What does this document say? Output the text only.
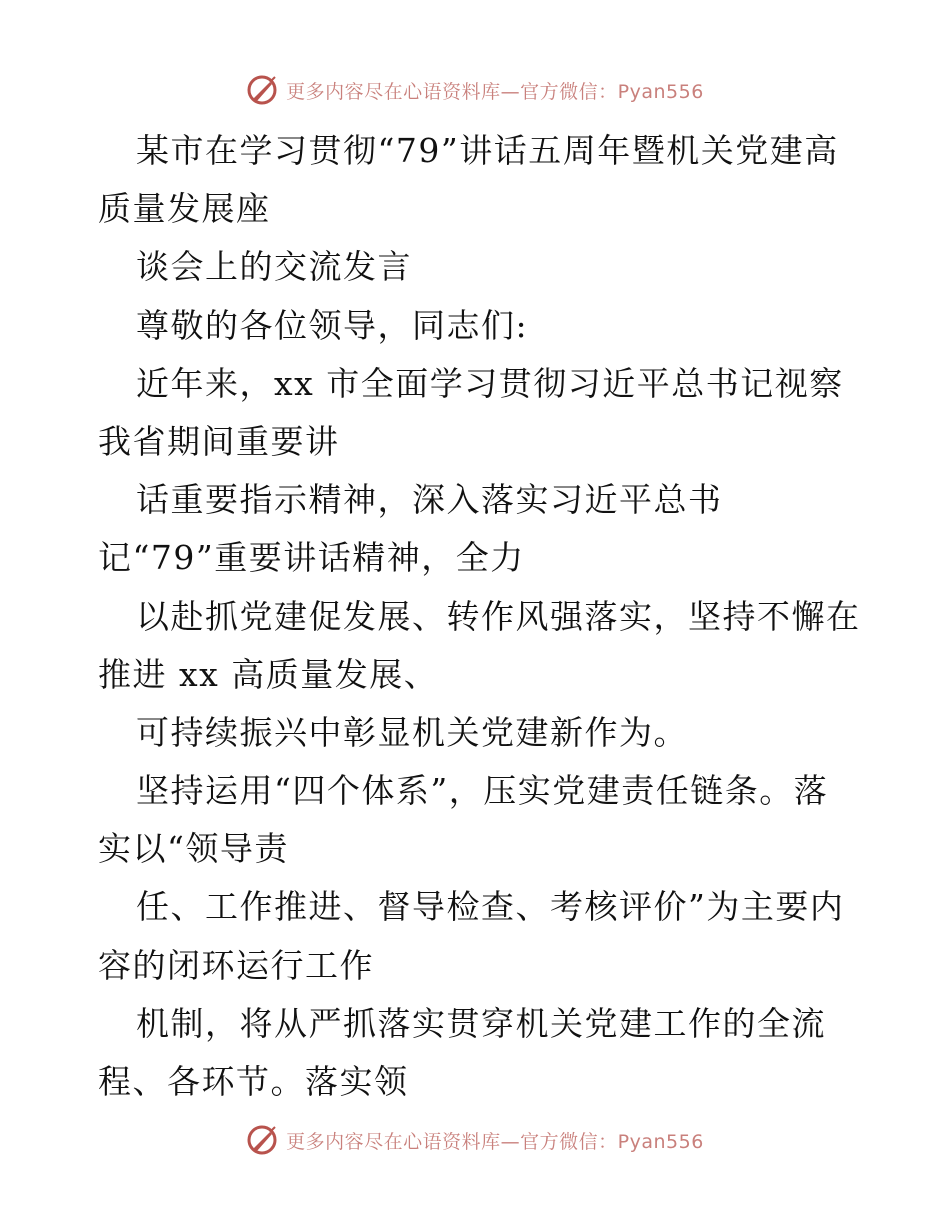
更多内容尽在心语资料库—官方微信：Pyan556
某市在学习贯彻“79”讲话五周年暨机关党建高
质量发展座
谈会上的交流发言
尊敬的各位领导，同志们:
近年来，xx 市全面学习贯彻习近平总书记视察
我省期间重要讲
话重要指示精神，深入落实习近平总书
记“79”重要讲话精神，全力
以赴抓党建促发展、转作风强落实，坚持不懈在
推进 xx 高质量发展、
可持续振兴中彰显机关党建新作为。
坚持运用“四个体系”，压实党建责任链条。落
实以“领导责
任、工作推进、督导检查、考核评价”为主要内
容的闭环运行工作
机制，将从严抓落实贯穿机关党建工作的全流
程、各环节。落实领
更多内容尽在心语资料库—官方微信：Pyan556
